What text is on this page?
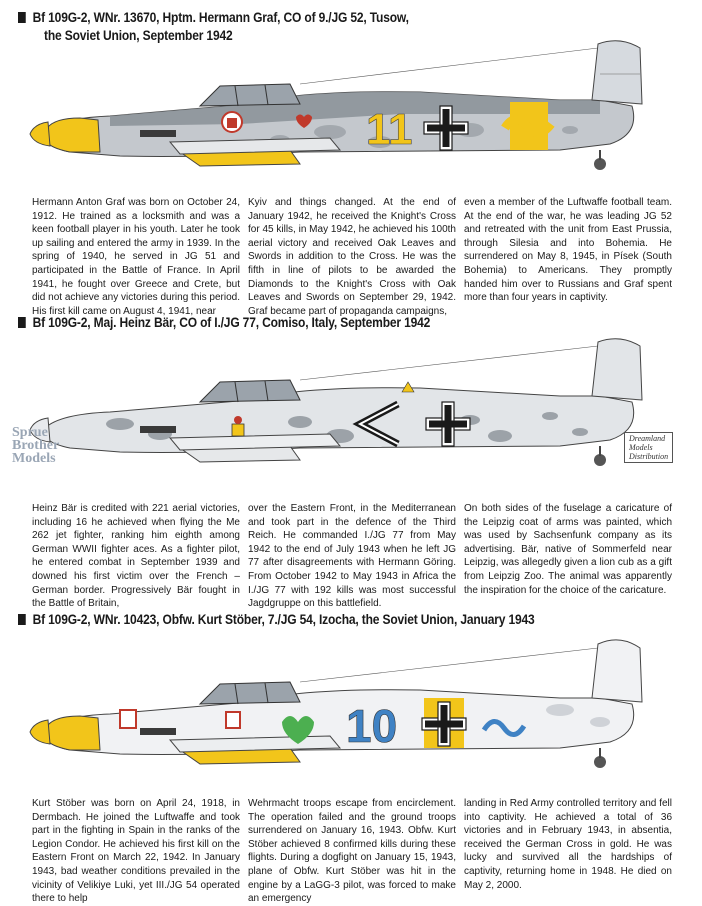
Bf 109G-2, WNr. 13670, Hptm. Hermann Graf, CO of 9./JG 52, Tusow,
the Soviet Union, September 1942
11
Hermann Anton Graf was born on October 24, 1912. He trained as a locksmith and was a keen football player in his youth. Later he took up sailing and entered the army in 1939. In the spring of 1940, he served in JG 51 and participated in the Battle of France. In April 1941, he fought over Greece and Crete, but did not achieve any victories during this period. His first kill came on August 4, 1941, near
Kyiv and things changed. At the end of January 1942, he received the Knight's Cross for 45 kills, in May 1942, he achieved his 100th aerial victory and received Oak Leaves and Swords in addition to the Cross. He was the fifth in line of pilots to be awarded the Diamonds to the Knight's Cross with Oak Leaves and Swords on September 29, 1942. Graf became part of propaganda campaigns,
even a member of the Luftwaffe football team. At the end of the war, he was leading JG 52 and retreated with the unit from East Prussia, through Silesia and into Bohemia. He surrendered on May 8, 1945, in Písek (South Bohemia) to Americans. They promptly handed him over to Russians and Graf spent more than four years in captivity.
Bf 109G-2, Maj. Heinz Bär, CO of I./JG 77, Comiso, Italy, September 1942
Sprue
Brother
Models
Dreamland
Models
Distribution
Heinz Bär is credited with 221 aerial victories, including 16 he achieved when flying the Me 262 jet fighter, ranking him eighth among German WWII fighter aces. As a fighter pilot, he entered combat in September 1939 and downed his first victim over the French – German border. Progressively Bär fought in the Battle of Britain,
over the Eastern Front, in the Mediterranean and took part in the defence of the Third Reich. He commanded I./JG 77 from May 1942 to the end of July 1943 when he left JG 77 after disagreements with Hermann Göring. From October 1942 to May 1943 in Africa the I./JG 77 with 192 kills was most successful Jagdgruppe on this battlefield.
On both sides of the fuselage a caricature of the Leipzig coat of arms was painted, which was used by Sachsenfunk company as its advertising. Bär, native of Sommerfeld near Leipzig, was allegedly given a lion cub as a gift from Leipzig Zoo. The animal was apparently the inspiration for the choice of the caricature.
Bf 109G-2, WNr. 10423, Obfw. Kurt Stöber, 7./JG 54, Izocha, the Soviet Union, January 1943
10
Kurt Stöber was born on April 24, 1918, in Dermbach. He joined the Luftwaffe and took part in the fighting in Spain in the ranks of the Legion Condor. He achieved his first kill on the Eastern Front on March 22, 1942. In January 1943, bad weather conditions prevailed in the vicinity of Velikiye Luki, yet III./JG 54 operated there to help
Wehrmacht troops escape from encirclement. The operation failed and the ground troops surrendered on January 16, 1943. Obfw. Kurt Stöber achieved 8 confirmed kills during these flights. During a dogfight on January 15, 1943, plane of Obfw. Kurt Stöber was hit in the engine by a LaGG-3 pilot, was forced to make an emergency
landing in Red Army controlled territory and fell into captivity. He achieved a total of 36 victories and in February 1943, in absentia, received the German Cross in gold. He was lucky and survived all the hardships of captivity, returning home in 1948. He died on May 2, 2000.
